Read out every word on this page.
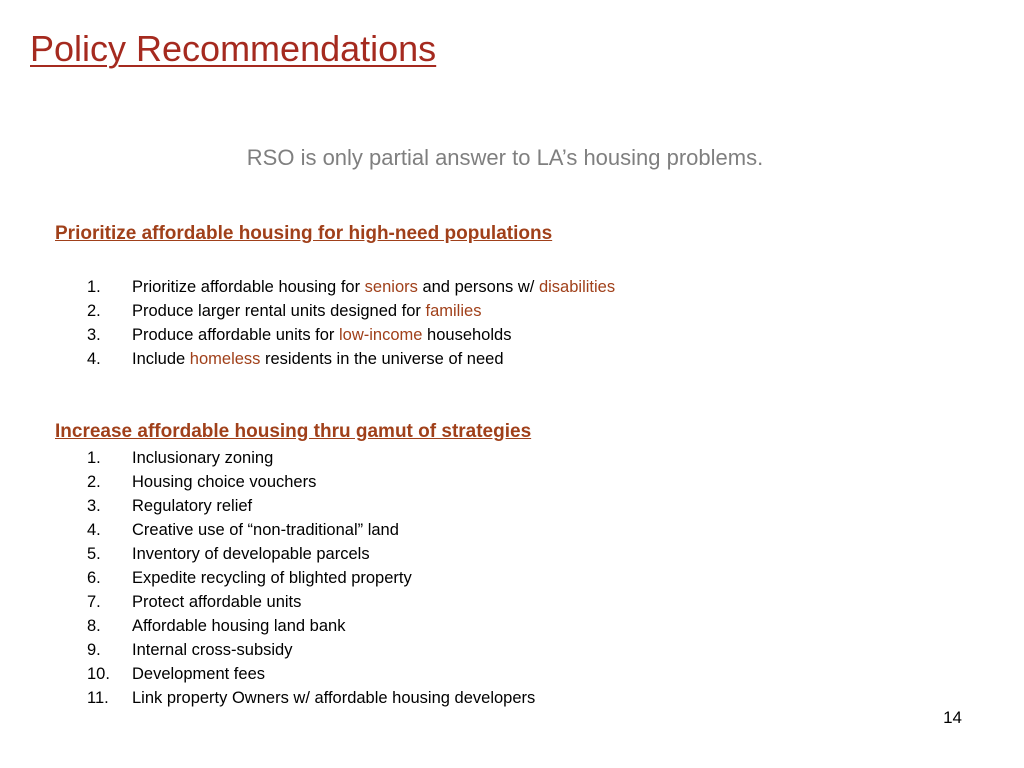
Policy Recommendations
RSO is only partial answer to LA’s housing problems.
Prioritize affordable housing for high-need populations
1. Prioritize affordable housing for seniors and persons w/ disabilities
2. Produce larger rental units designed for families
3. Produce affordable units for low-income households
4. Include homeless residents in the universe of need
Increase affordable housing thru gamut of strategies
1. Inclusionary zoning
2. Housing choice vouchers
3. Regulatory relief
4. Creative use of “non-traditional” land
5. Inventory of developable parcels
6. Expedite recycling of blighted property
7. Protect affordable units
8. Affordable housing land bank
9. Internal cross-subsidy
10. Development fees
11. Link property Owners w/ affordable housing developers
14
